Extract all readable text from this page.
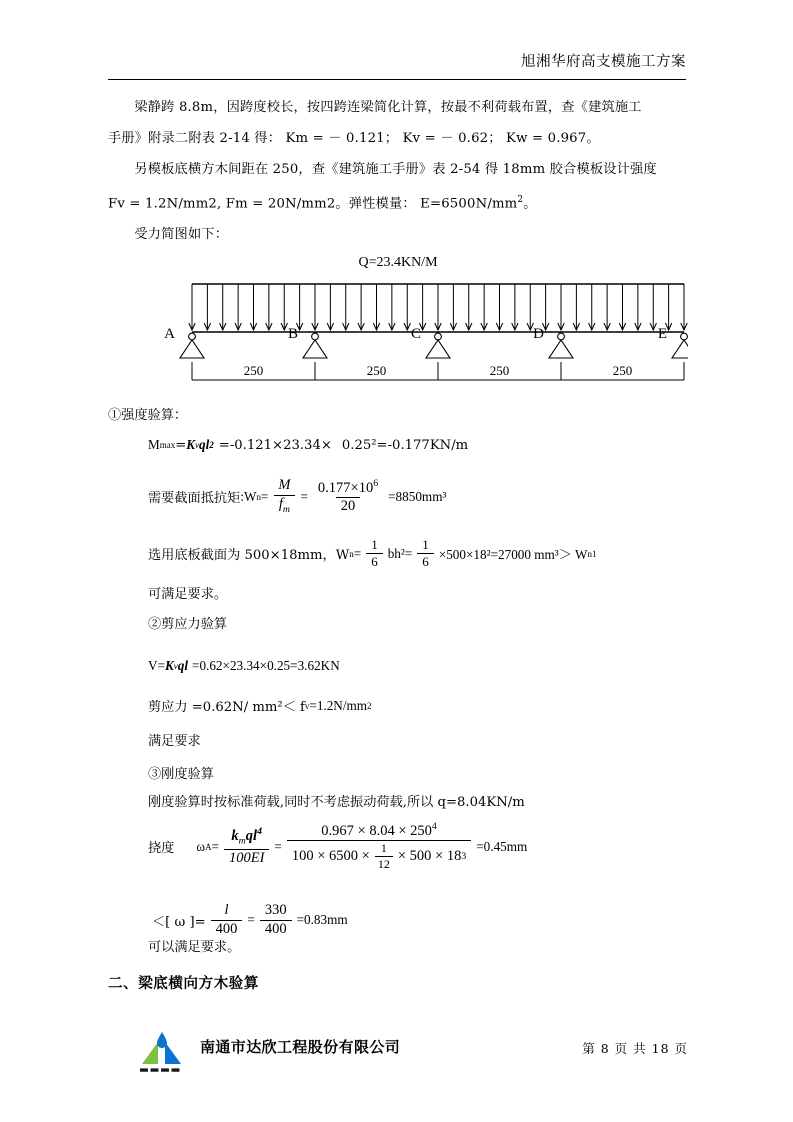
旭湘华府高支模施工方案

梁静跨 8.8m，因跨度校长，按四跨连梁简化计算，按最不利荷载布置，查《建筑施工

手册》附录二附表 2-14 得： Km = － 0.121； Kv = － 0.62； Kw = 0.967。

另模板底横方木间距在 250，查《建筑施工手册》表 2-54 得 18mm 胶合模板设计强度

Fv = 1.2N/mm2, Fm = 20N/mm2。弹性模量： $E=6500N/mm^2$。

受力简图如下：

Q=23.4KN/M
A	B	C	D	E
250	250	250	250
①强度验算：
M max = K v ql 2 =-0.121×23.34× 0.25²=-0.177KN/m
需要截面抵抗矩 :W $n = \frac{M}{f_m} = \frac{0.177\times 10^6}{20} =8850mm^3$
选用底板截面为 500×18mm，W $n = \frac{1}{6} bh^2= \frac{1}{6} \times 500\times 18^2=27000$ mm³＞ W n1
可满足要求。
②剪应力验算
V= K v ql =0.62×23.34×0.25=3.62KN
剪应力 =0.62N/ mm²＜ f v =1.2N/mm 2
满足要求
③刚度验算
刚度验算时按标准荷载,同时不考虑振动荷载,所以 q=8.04KN/m
挠度 ω $A = \frac{k_mql^4}{100EI}$ =
$0.967 \times 8.04 \times 250^4$
$100 \times 6500 \times \frac{1}{12} \times 500 \times 18$ 3
=0.45mm
＜[ ω ]= $\frac{l}{400} = \frac{330}{400} =0.83mm$
可以满足要求。
二、梁底横向方木验算
南通市达欣工程股份有限公司	第 8 页 共 18 页
